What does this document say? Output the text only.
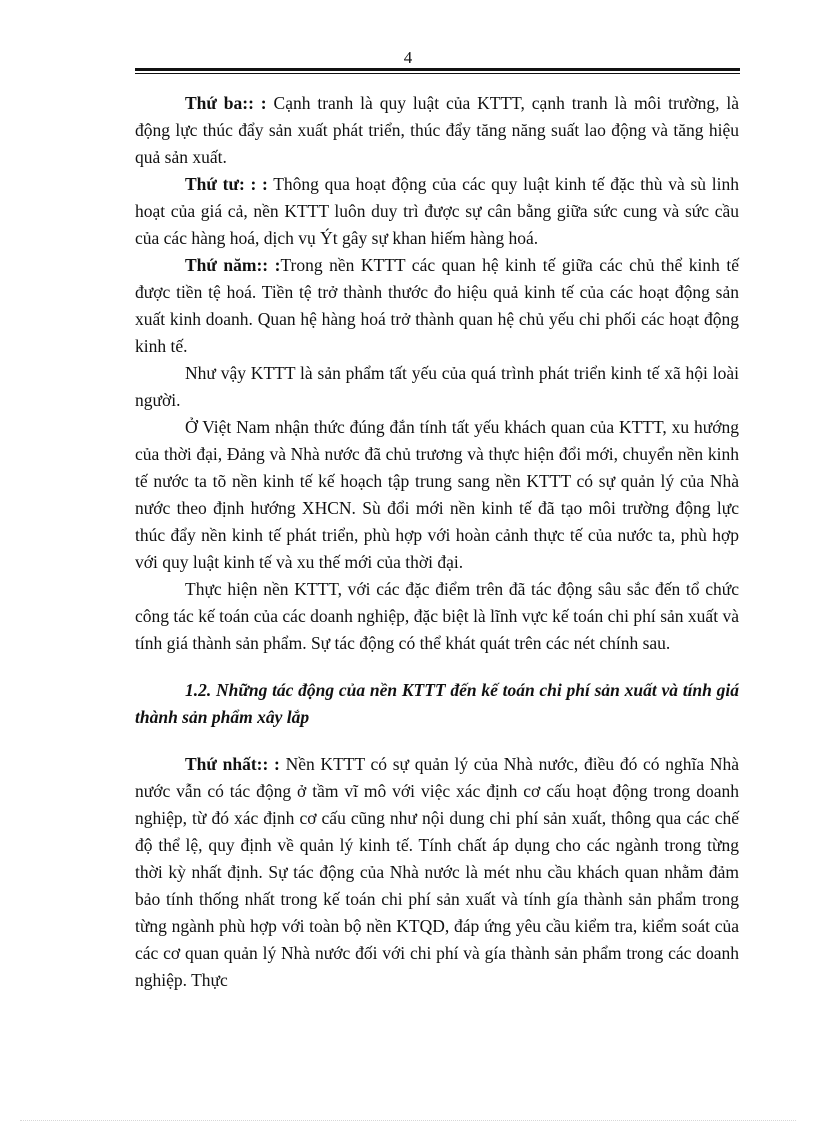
4

Thứ ba:: : Cạnh tranh là quy luật của KTTT, cạnh tranh là môi trường, là động lực thúc đẩy sản xuất phát triển, thúc đẩy tăng năng suất lao động và tăng hiệu quả sản xuất.

Thứ tư: : : Thông qua hoạt động của các quy luật kinh tế đặc thù và sù linh hoạt của giá cả, nền KTTT luôn duy trì được sự cân bằng giữa sức cung và sức cầu của các hàng hoá, dịch vụ Ýt gây sự khan hiếm hàng hoá.

Thứ năm:: :Trong nền KTTT các quan hệ kinh tế giữa các chủ thể kinh tế được tiền tệ hoá. Tiền tệ trở thành thước đo hiệu quả kinh tế của các hoạt động sản xuất kinh doanh. Quan hệ hàng hoá trở thành quan hệ chủ yếu chi phối các hoạt động kinh tế.

Như vậy KTTT là sản phẩm tất yếu của quá trình phát triển kinh tế xã hội loài người.

Ở Việt Nam nhận thức đúng đắn tính tất yếu khách quan của KTTT, xu hướng của thời đại, Đảng và Nhà nước đã chủ trương và thực hiện đổi mới, chuyển nền kinh tế nước ta tõ nền kinh tế kế hoạch tập trung sang nền KTTT có sự quản lý của Nhà nước theo định hướng XHCN. Sù đổi mới nền kinh tế đã tạo môi trường động lực thúc đẩy nền kinh tế phát triển, phù hợp với hoàn cảnh thực tế của nước ta, phù hợp với quy luật kinh tế và xu thế mới của thời đại.

Thực hiện nền KTTT, với các đặc điểm trên đã tác động sâu sắc đến tổ chức công tác kế toán của các doanh nghiệp, đặc biệt là lĩnh vực kế toán chi phí sản xuất và tính giá thành sản phẩm. Sự tác động có thể khát quát trên các nét chính sau.

1.2. Những tác động của nền KTTT đến kế toán chi phí sản xuất và tính giá thành sản phẩm xây lắp

Thứ nhất:: : Nền KTTT có sự quản lý của Nhà nước, điều đó có nghĩa Nhà nước vẫn có tác động ở tầm vĩ mô với việc xác định cơ cấu hoạt động trong doanh nghiệp, từ đó xác định cơ cấu cũng như nội dung chi phí sản xuất, thông qua các chế độ thể lệ, quy định về quản lý kinh tế. Tính chất áp dụng cho các ngành trong từng thời kỳ nhất định. Sự tác động của Nhà nước là mét nhu cầu khách quan nhằm đảm bảo tính thống nhất trong kế toán chi phí sản xuất và tính gía thành sản phẩm trong từng ngành phù hợp với toàn bộ nền KTQD, đáp ứng yêu cầu kiểm tra, kiểm soát của các cơ quan quản lý Nhà nước đối với chi phí và gía thành sản phẩm trong các doanh nghiệp. Thực
